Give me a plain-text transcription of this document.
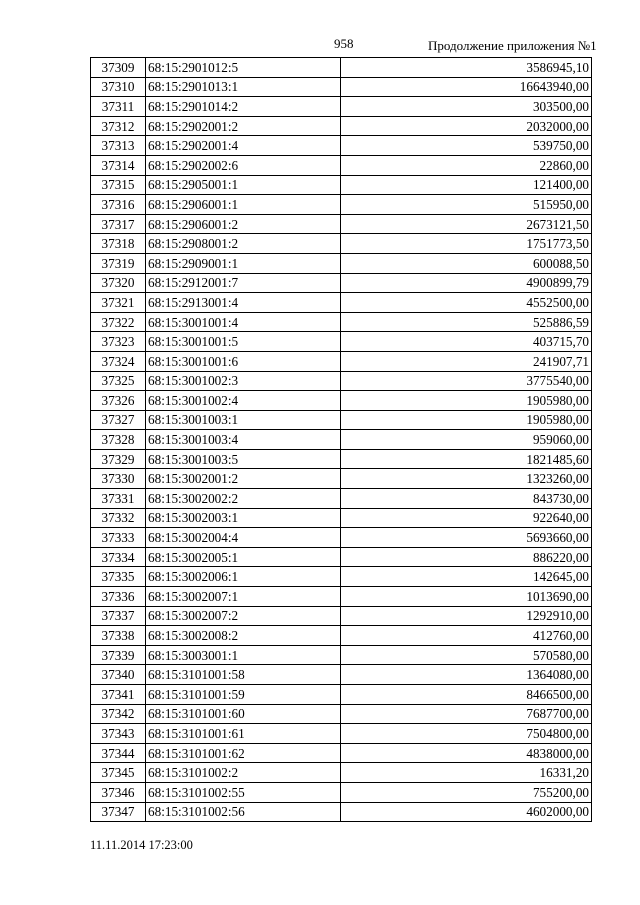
958	Продолжение приложения №1
37309	68:15:2901012:5	3586945,10
37310	68:15:2901013:1	16643940,00
37311	68:15:2901014:2	303500,00
37312	68:15:2902001:2	2032000,00
37313	68:15:2902001:4	539750,00
37314	68:15:2902002:6	22860,00
37315	68:15:2905001:1	121400,00
37316	68:15:2906001:1	515950,00
37317	68:15:2906001:2	2673121,50
37318	68:15:2908001:2	1751773,50
37319	68:15:2909001:1	600088,50
37320	68:15:2912001:7	4900899,79
37321	68:15:2913001:4	4552500,00
37322	68:15:3001001:4	525886,59
37323	68:15:3001001:5	403715,70
37324	68:15:3001001:6	241907,71
37325	68:15:3001002:3	3775540,00
37326	68:15:3001002:4	1905980,00
37327	68:15:3001003:1	1905980,00
37328	68:15:3001003:4	959060,00
37329	68:15:3001003:5	1821485,60
37330	68:15:3002001:2	1323260,00
37331	68:15:3002002:2	843730,00
37332	68:15:3002003:1	922640,00
37333	68:15:3002004:4	5693660,00
37334	68:15:3002005:1	886220,00
37335	68:15:3002006:1	142645,00
37336	68:15:3002007:1	1013690,00
37337	68:15:3002007:2	1292910,00
37338	68:15:3002008:2	412760,00
37339	68:15:3003001:1	570580,00
37340	68:15:3101001:58	1364080,00
37341	68:15:3101001:59	8466500,00
37342	68:15:3101001:60	7687700,00
37343	68:15:3101001:61	7504800,00
37344	68:15:3101001:62	4838000,00
37345	68:15:3101002:2	16331,20
37346	68:15:3101002:55	755200,00
37347	68:15:3101002:56	4602000,00
11.11.2014 17:23:00
